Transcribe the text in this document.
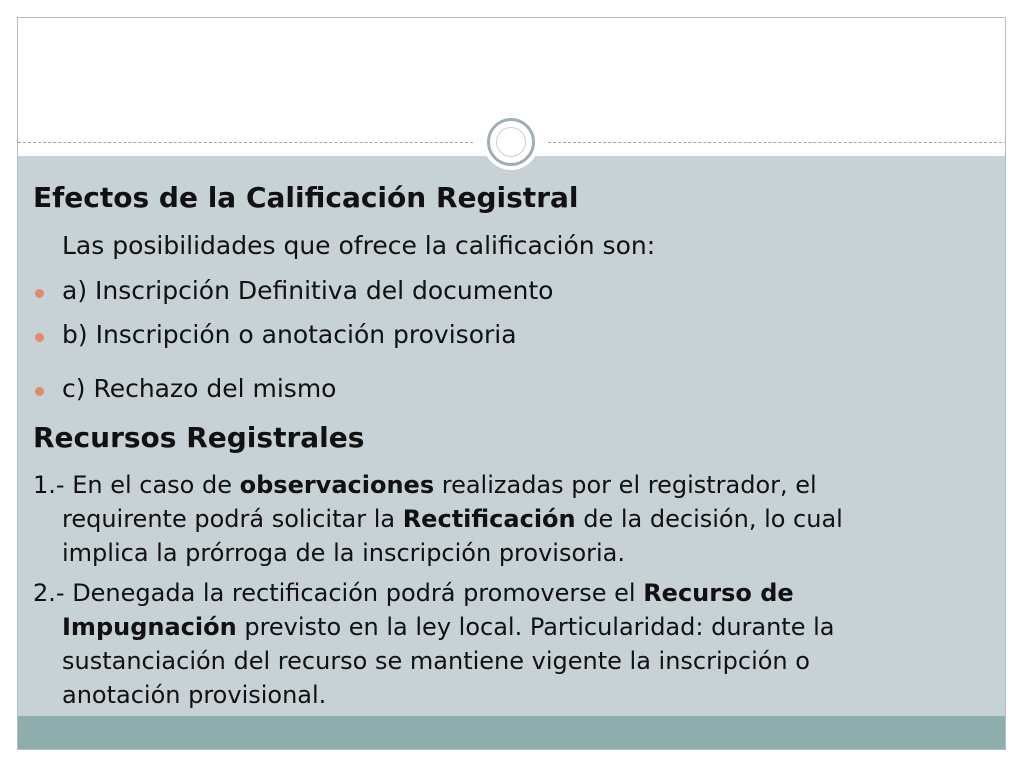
Efectos de la Calificación Registral
Las posibilidades que ofrece la calificación son:
a) Inscripción Definitiva del documento
b) Inscripción o anotación provisoria
c) Rechazo del mismo
Recursos Registrales
1.- En el caso de observaciones realizadas por el registrador, el
requirente podrá solicitar la Rectificación de la decisión, lo cual
implica la prórroga de la inscripción provisoria.
2.- Denegada la rectificación podrá promoverse el Recurso de
Impugnación previsto en la ley local. Particularidad: durante la
sustanciación del recurso se mantiene vigente la inscripción o
anotación provisional.
